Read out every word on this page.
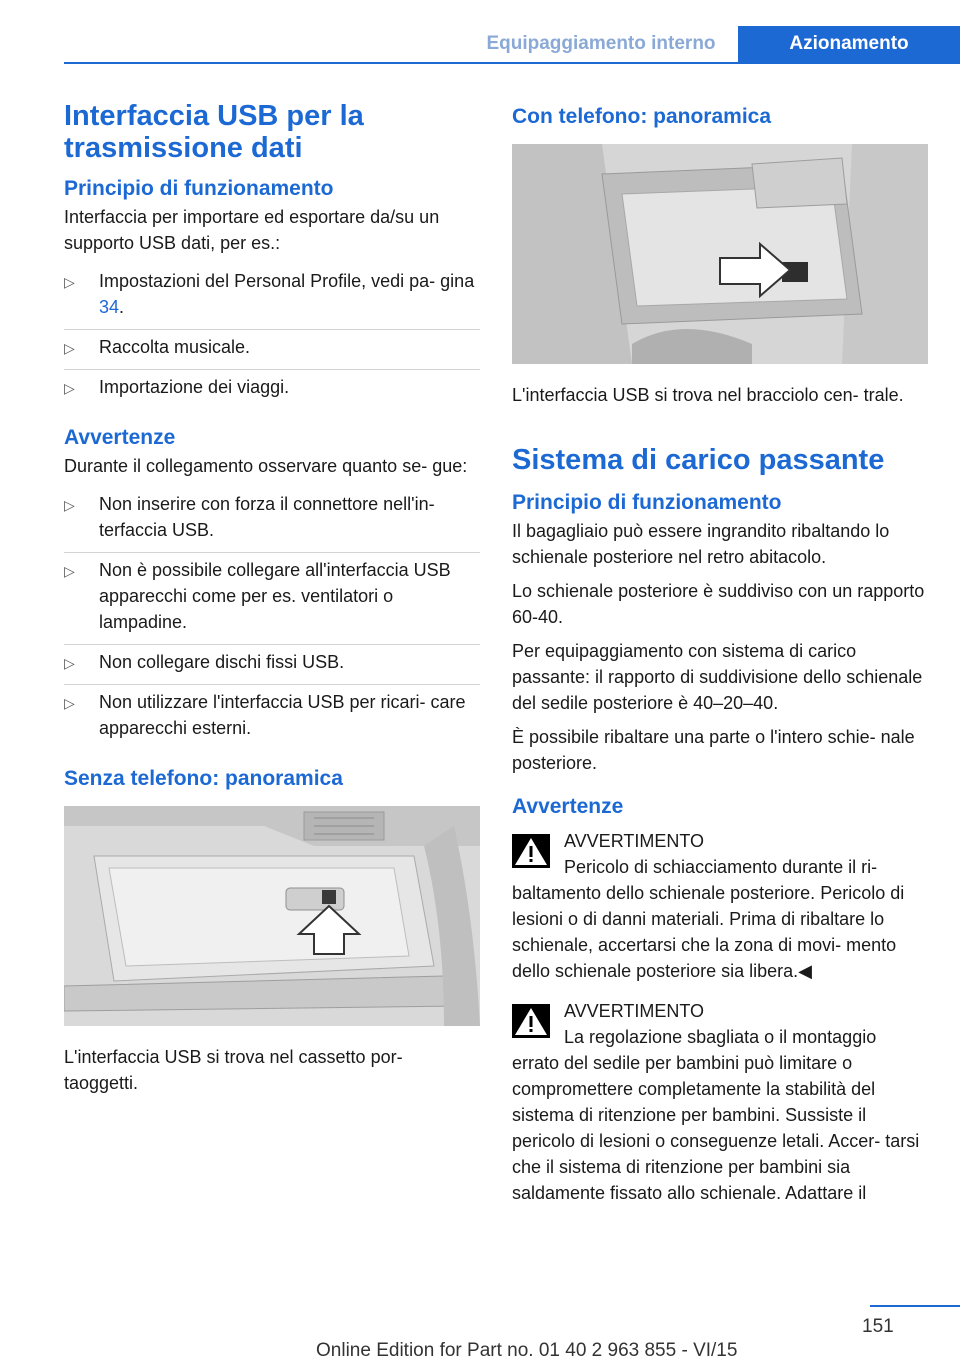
Equipaggiamento interno	Azionamento
Interfaccia USB per la trasmissione dati
Principio di funzionamento

Interfaccia per importare ed esportare da/su un supporto USB dati, per es.:

▷ Impostazioni del Personal Profile, vedi pa‐ gina 34.
▷ Raccolta musicale.
▷ Importazione dei viaggi.
Avvertenze

Durante il collegamento osservare quanto se‐ gue:

▷ Non inserire con forza il connettore nell'in‐ terfaccia USB.
▷ Non è possibile collegare all'interfaccia USB apparecchi come per es. ventilatori o lampadine.
▷ Non collegare dischi fissi USB.
▷ Non utilizzare l'interfaccia USB per ricari‐ care apparecchi esterni.
Senza telefono: panoramica

L'interfaccia USB si trova nel cassetto por‐ taoggetti.

Con telefono: panoramica

L'interfaccia USB si trova nel bracciolo cen‐ trale.

Sistema di carico passante
Principio di funzionamento

Il bagagliaio può essere ingrandito ribaltando lo schienale posteriore nel retro abitacolo.

Lo schienale posteriore è suddiviso con un rapporto 60-40.

Per equipaggiamento con sistema di carico passante: il rapporto di suddivisione dello schienale del sedile posteriore è 40–20–40.

È possibile ribaltare una parte o l'intero schie‐ nale posteriore.

Avvertenze
AVVERTIMENTO
Pericolo di schiacciamento durante il ri‐
baltamento dello schienale posteriore. Pericolo di lesioni o di danni materiali. Prima di ribaltare lo schienale, accertarsi che la zona di movi‐ mento dello schienale posteriore sia libera.◀
AVVERTIMENTO
La regolazione sbagliata o il montaggio
errato del sedile per bambini può limitare o compromettere completamente la stabilità del sistema di ritenzione per bambini. Sussiste il pericolo di lesioni o conseguenze letali. Accer‐ tarsi che il sistema di ritenzione per bambini sia saldamente fissato allo schienale. Adattare il
151
Online Edition for Part no. 01 40 2 963 855 - VI/15
